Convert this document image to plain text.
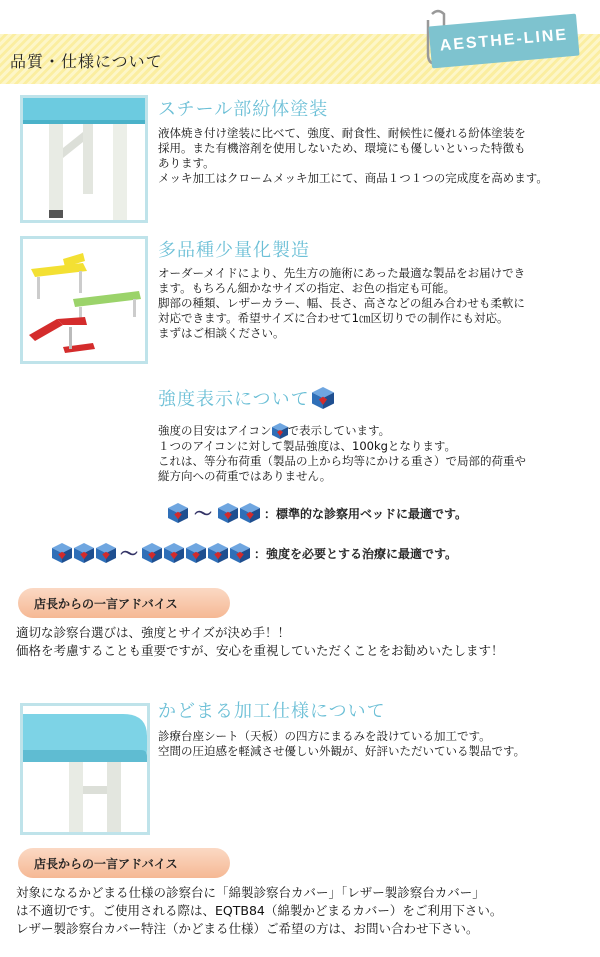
品質・仕様について
AESTHE-LINE
スチール部紛体塗装
液体焼き付け塗装に比べて、強度、耐食性、耐候性に優れる紛体塗装を
採用。また有機溶剤を使用しないため、環境にも優しいといった特徴も
あります。
メッキ加工はクロームメッキ加工にて、商品１つ１つの完成度を高めます。
多品種少量化製造
オーダーメイドにより、先生方の施術にあった最適な製品をお届けでき
ます。もちろん細かなサイズの指定、お色の指定も可能。
脚部の種類、レザーカラー、幅、長さ、高さなどの組み合わせも柔軟に
対応できます。希望サイズに合わせて1㎝区切りでの制作にも対応。
まずはご相談ください。
強度表示について
強度の目安はアイコン で表示しています。
１つのアイコンに対して製品強度は、100kgとなります。
これは、等分布荷重（製品の上から均等にかける重さ）で局部的荷重や
縦方向への荷重ではありません。
～	：標準的な診察用ベッドに最適です。
～	：強度を必要とする治療に最適です。
店長からの一言アドバイス
適切な診察台選びは、強度とサイズが決め手！！
価格を考慮することも重要ですが、安心を重視していただくことをお勧めいたします！
かどまる加工仕様について
診療台座シート（天板）の四方にまるみを設けている加工です。
空間の圧迫感を軽減させ優しい外観が、好評いただいている製品です。
店長からの一言アドバイス
対象になるかどまる仕様の診察台に「綿製診察台カバー」「レザー製診察台カバー」
は不適切です。ご使用される際は、EQTB84（綿製かどまるカバー）をご利用下さい。
レザー製診察台カバー特注（かどまる仕様）ご希望の方は、お問い合わせ下さい。
